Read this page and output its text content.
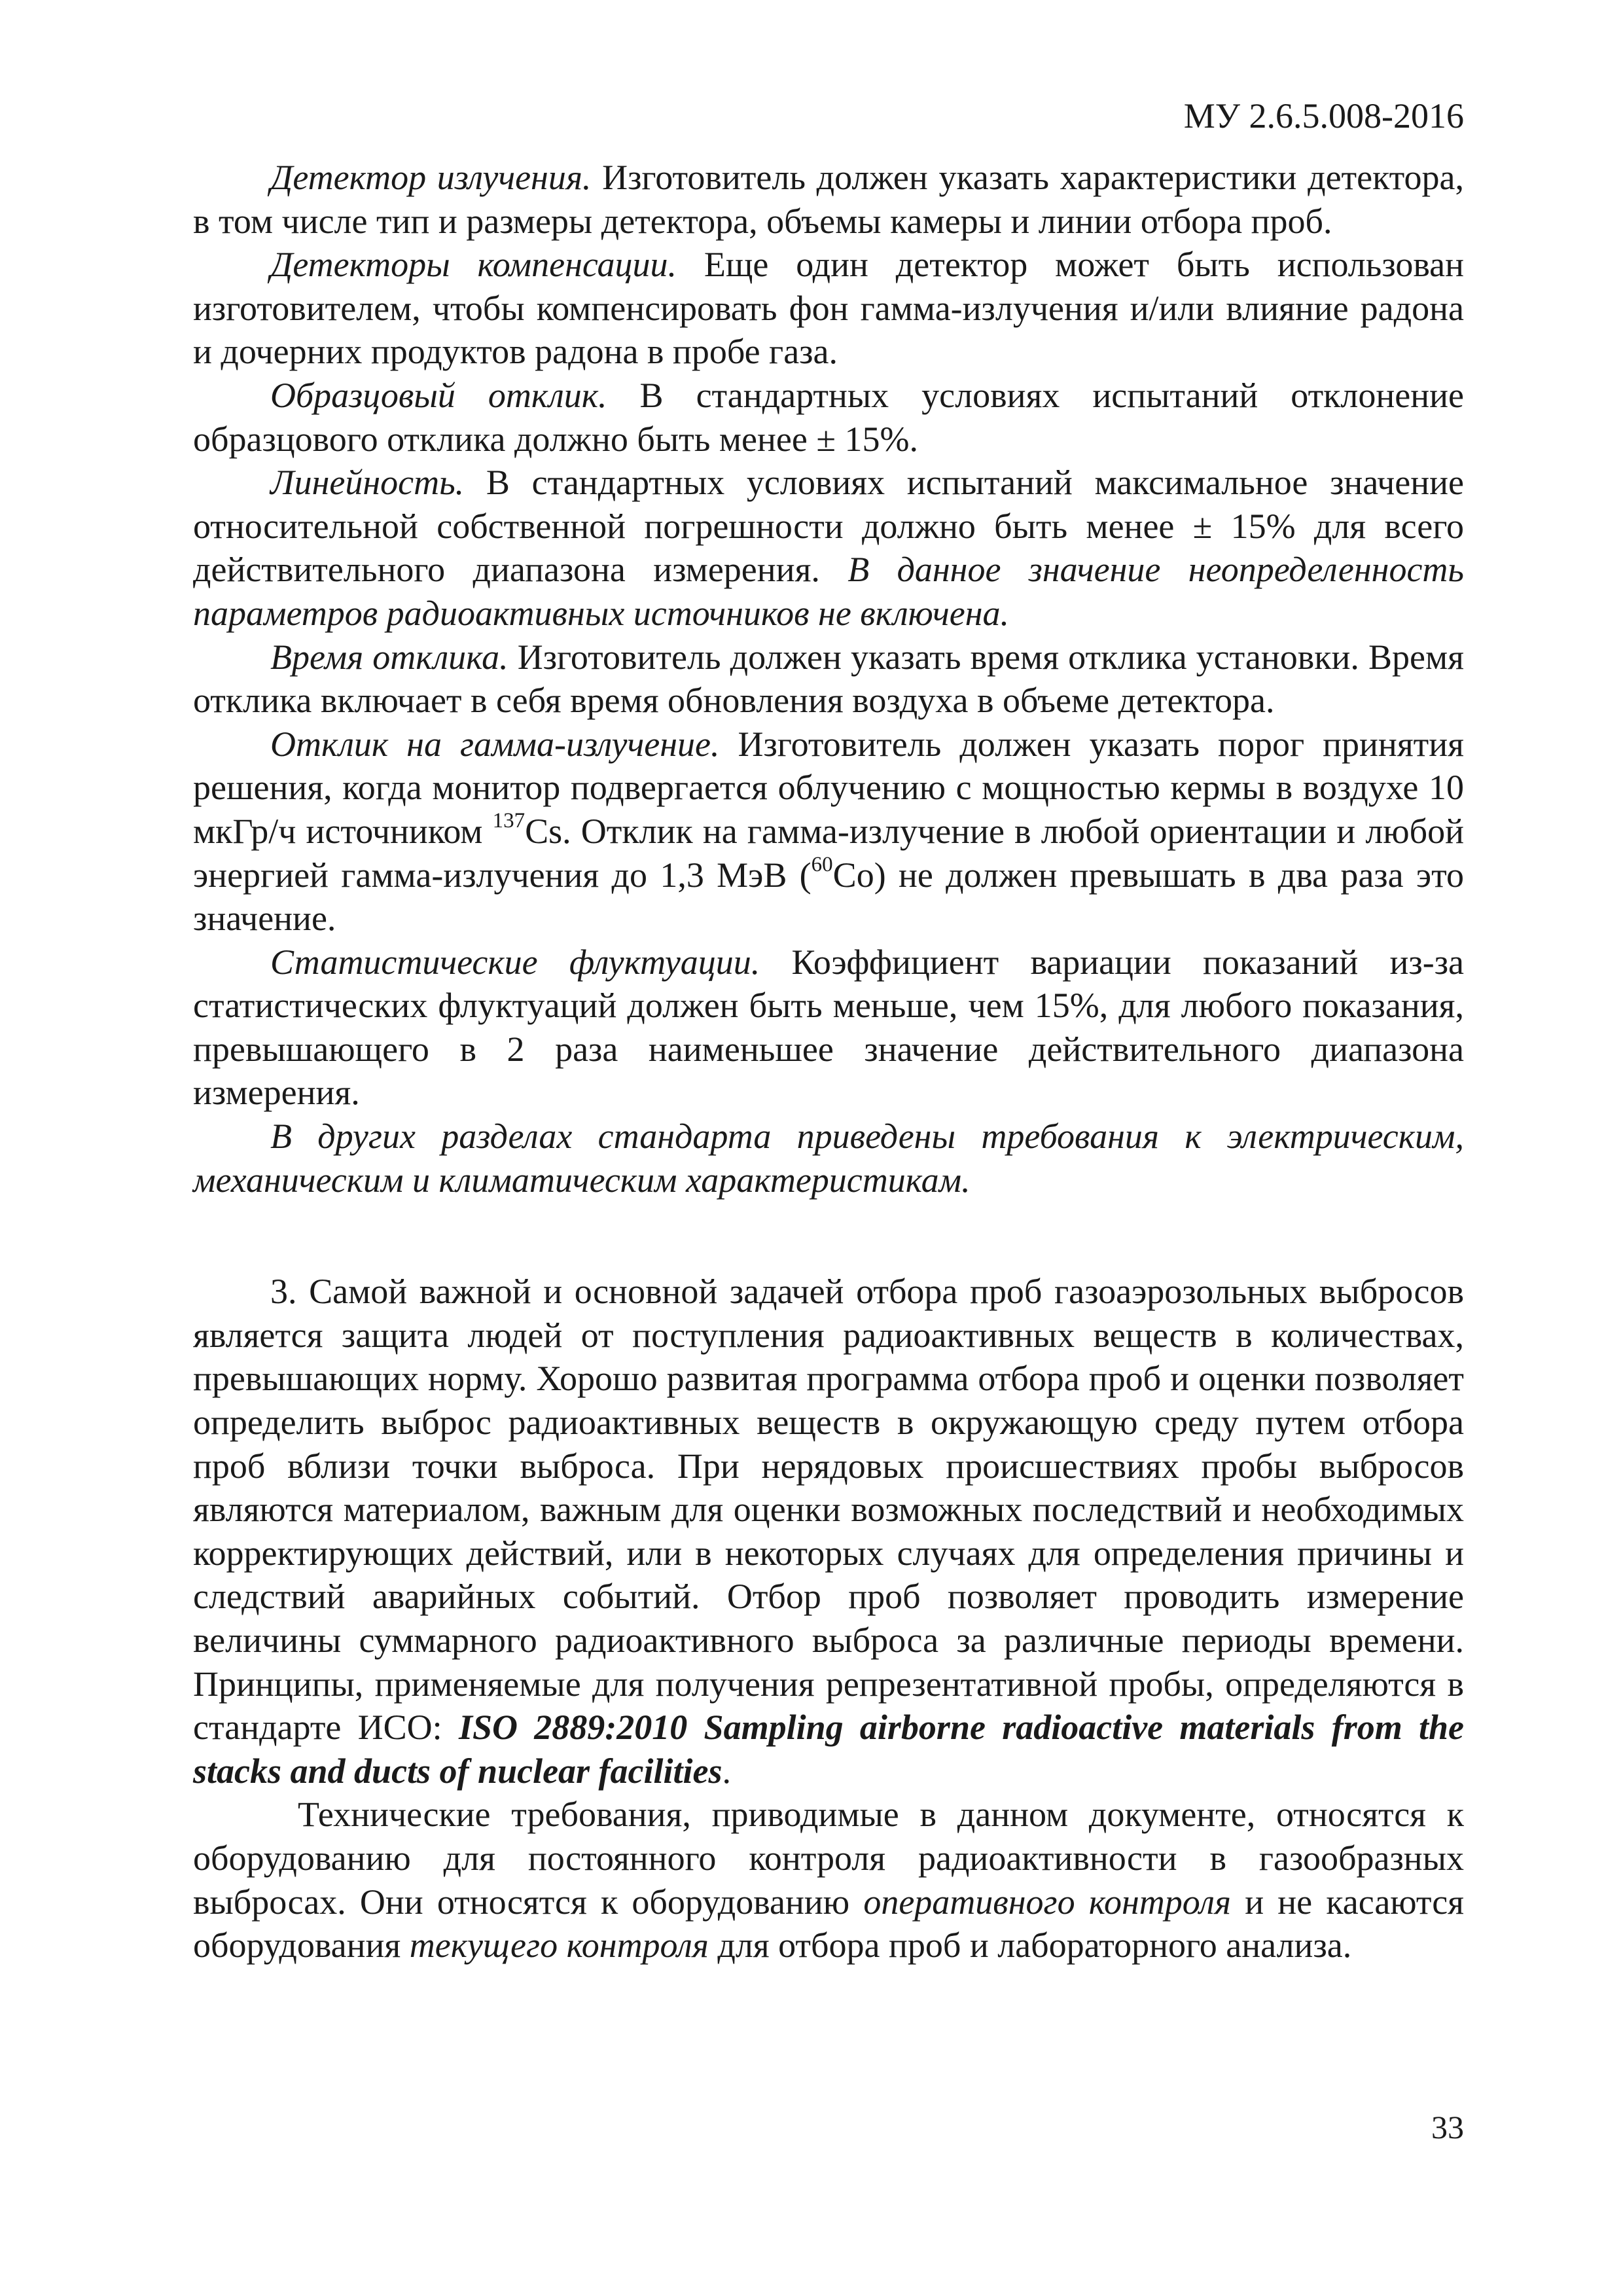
МУ 2.6.5.008-2016

Детектор излучения. Изготовитель должен указать характеристики детектора, в том числе тип и размеры детектора, объемы камеры и линии отбора проб.

Детекторы компенсации. Еще один детектор может быть использован изготовителем, чтобы компенсировать фон гамма-излучения и/или влияние радона и дочерних продуктов радона в пробе газа.

Образцовый отклик. В стандартных условиях испытаний отклонение образцового отклика должно быть менее ± 15%.

Линейность. В стандартных условиях испытаний максимальное значение относительной собственной погрешности должно быть менее ± 15% для всего действительного диапазона измерения. В данное значение неопределенность параметров радиоактивных источников не включена.

Время отклика. Изготовитель должен указать время отклика установки. Время отклика включает в себя время обновления воздуха в объеме детектора.

Отклик на гамма-излучение. Изготовитель должен указать порог принятия решения, когда монитор подвергается облучению с мощностью кермы в воздухе 10 мкГр/ч источником $^{137}$Cs. Отклик на гамма-излучение в любой ориентации и любой энергией гамма-излучения до 1,3 МэВ ($^{60}$Co) не должен превышать в два раза это значение.

Статистические флуктуации. Коэффициент вариации показаний из-за статистических флуктуаций должен быть меньше, чем 15%, для любого показания, превышающего в 2 раза наименьшее значение действительного диапазона измерения.

В других разделах стандарта приведены требования к электрическим, механическим и климатическим характеристикам.

3. Самой важной и основной задачей отбора проб газоаэрозольных выбросов является защита людей от поступления радиоактивных веществ в количествах, превышающих норму. Хорошо развитая программа отбора проб и оценки позволяет определить выброс радиоактивных веществ в окружающую среду путем отбора проб вблизи точки выброса. При нерядовых происшествиях пробы выбросов являются материалом, важным для оценки возможных последствий и необходимых корректирующих действий, или в некоторых случаях для определения причины и следствий аварийных событий. Отбор проб позволяет проводить измерение величины суммарного радиоактивного выброса за различные периоды времени. Принципы, применяемые для получения репрезентативной пробы, определяются в стандарте ИСО: ISO 2889:2010 Sampling airborne radioactive materials from the stacks and ducts of nuclear facilities.

Технические требования, приводимые в данном документе, относятся к оборудованию для постоянного контроля радиоактивности в газообразных выбросах. Они относятся к оборудованию оперативного контроля и не касаются оборудования текущего контроля для отбора проб и лабораторного анализа.

33
